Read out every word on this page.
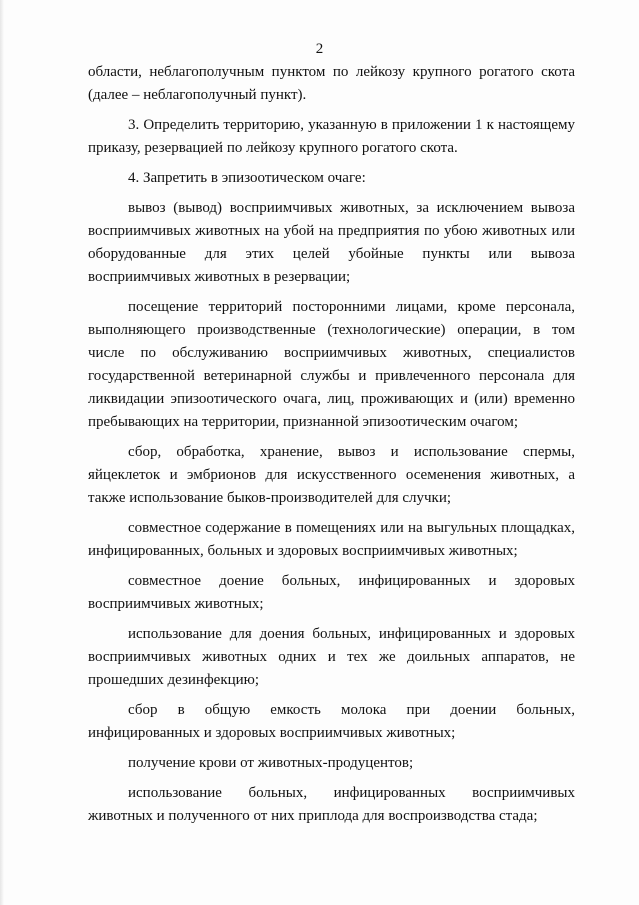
2

области, неблагополучным пунктом по лейкозу крупного рогатого скота (далее – неблагополучный пункт).

3. Определить территорию, указанную в приложении 1 к настоящему приказу, резервацией по лейкозу крупного рогатого скота.

4. Запретить в эпизоотическом очаге:

вывоз (вывод) восприимчивых животных, за исключением вывоза восприимчивых животных на убой на предприятия по убою животных или оборудованные для этих целей убойные пункты или вывоза восприимчивых животных в резервации;

посещение территорий посторонними лицами, кроме персонала, выполняющего производственные (технологические) операции, в том числе по обслуживанию восприимчивых животных, специалистов государственной ветеринарной службы и привлеченного персонала для ликвидации эпизоотического очага, лиц, проживающих и (или) временно пребывающих на территории, признанной эпизоотическим очагом;

сбор, обработка, хранение, вывоз и использование спермы, яйцеклеток и эмбрионов для искусственного осеменения животных, а также использование быков-производителей для случки;

совместное содержание в помещениях или на выгульных площадках, инфицированных, больных и здоровых восприимчивых животных;

совместное доение больных, инфицированных и здоровых восприимчивых животных;

использование для доения больных, инфицированных и здоровых восприимчивых животных одних и тех же доильных аппаратов, не прошедших дезинфекцию;

сбор в общую емкость молока при доении больных, инфицированных и здоровых восприимчивых животных;

получение крови от животных-продуцентов;

использование больных, инфицированных восприимчивых животных и полученного от них приплода для воспроизводства стада;
